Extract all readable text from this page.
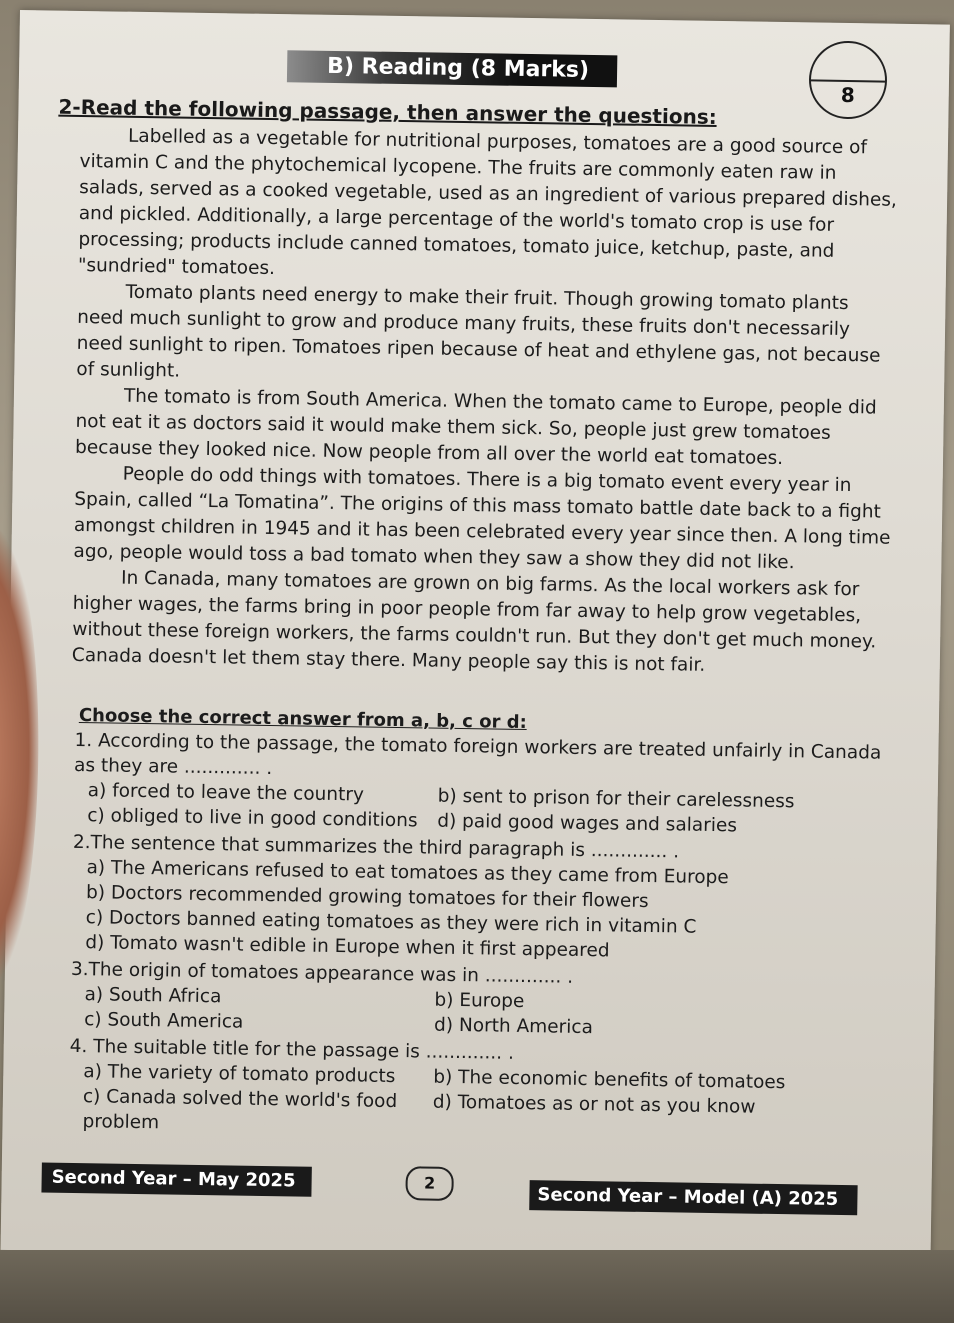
B) Reading (8 Marks)
8
2-Read the following passage, then answer the questions:

Labelled as a vegetable for nutritional purposes, tomatoes are a good source of vitamin C and the phytochemical lycopene. The fruits are commonly eaten raw in salads, served as a cooked vegetable, used as an ingredient of various prepared dishes, and pickled. Additionally, a large percentage of the world's tomato crop is use for processing; products include canned tomatoes, tomato juice, ketchup, paste, and "sundried" tomatoes.

Tomato plants need energy to make their fruit. Though growing tomato plants need much sunlight to grow and produce many fruits, these fruits don't necessarily need sunlight to ripen. Tomatoes ripen because of heat and ethylene gas, not because of sunlight.

The tomato is from South America. When the tomato came to Europe, people did not eat it as doctors said it would make them sick. So, people just grew tomatoes because they looked nice. Now people from all over the world eat tomatoes.

People do odd things with tomatoes. There is a big tomato event every year in Spain, called “La Tomatina”. The origins of this mass tomato battle date back to a fight amongst children in 1945 and it has been celebrated every year since then. A long time ago, people would toss a bad tomato when they saw a show they did not like.

In Canada, many tomatoes are grown on big farms. As the local workers ask for higher wages, the farms bring in poor people from far away to help grow vegetables, without these foreign workers, the farms couldn't run. But they don't get much money. Canada doesn't let them stay there. Many people say this is not fair.

Choose the correct answer from a, b, c or d:
1. According to the passage, the tomato foreign workers are treated unfairly in Canada as they are ............. .
a) forced to leave the country	b) sent to prison for their carelessness
c) obliged to live in good conditions	d) paid good wages and salaries
2.The sentence that summarizes the third paragraph is ............. .
a) The Americans refused to eat tomatoes as they came from Europe
b) Doctors recommended growing tomatoes for their flowers
c) Doctors banned eating tomatoes as they were rich in vitamin C
d) Tomato wasn't edible in Europe when it first appeared
3.The origin of tomatoes appearance was in ............. .
a) South Africa	b) Europe
c) South America	d) North America
4. The suitable title for the passage is ............. .
a) The variety of tomato products	b) The economic benefits of tomatoes
c) Canada solved the world's food problem
d) Tomatoes as or not as you know
Second Year – May 2025	2
Second Year – Model (A) 2025
